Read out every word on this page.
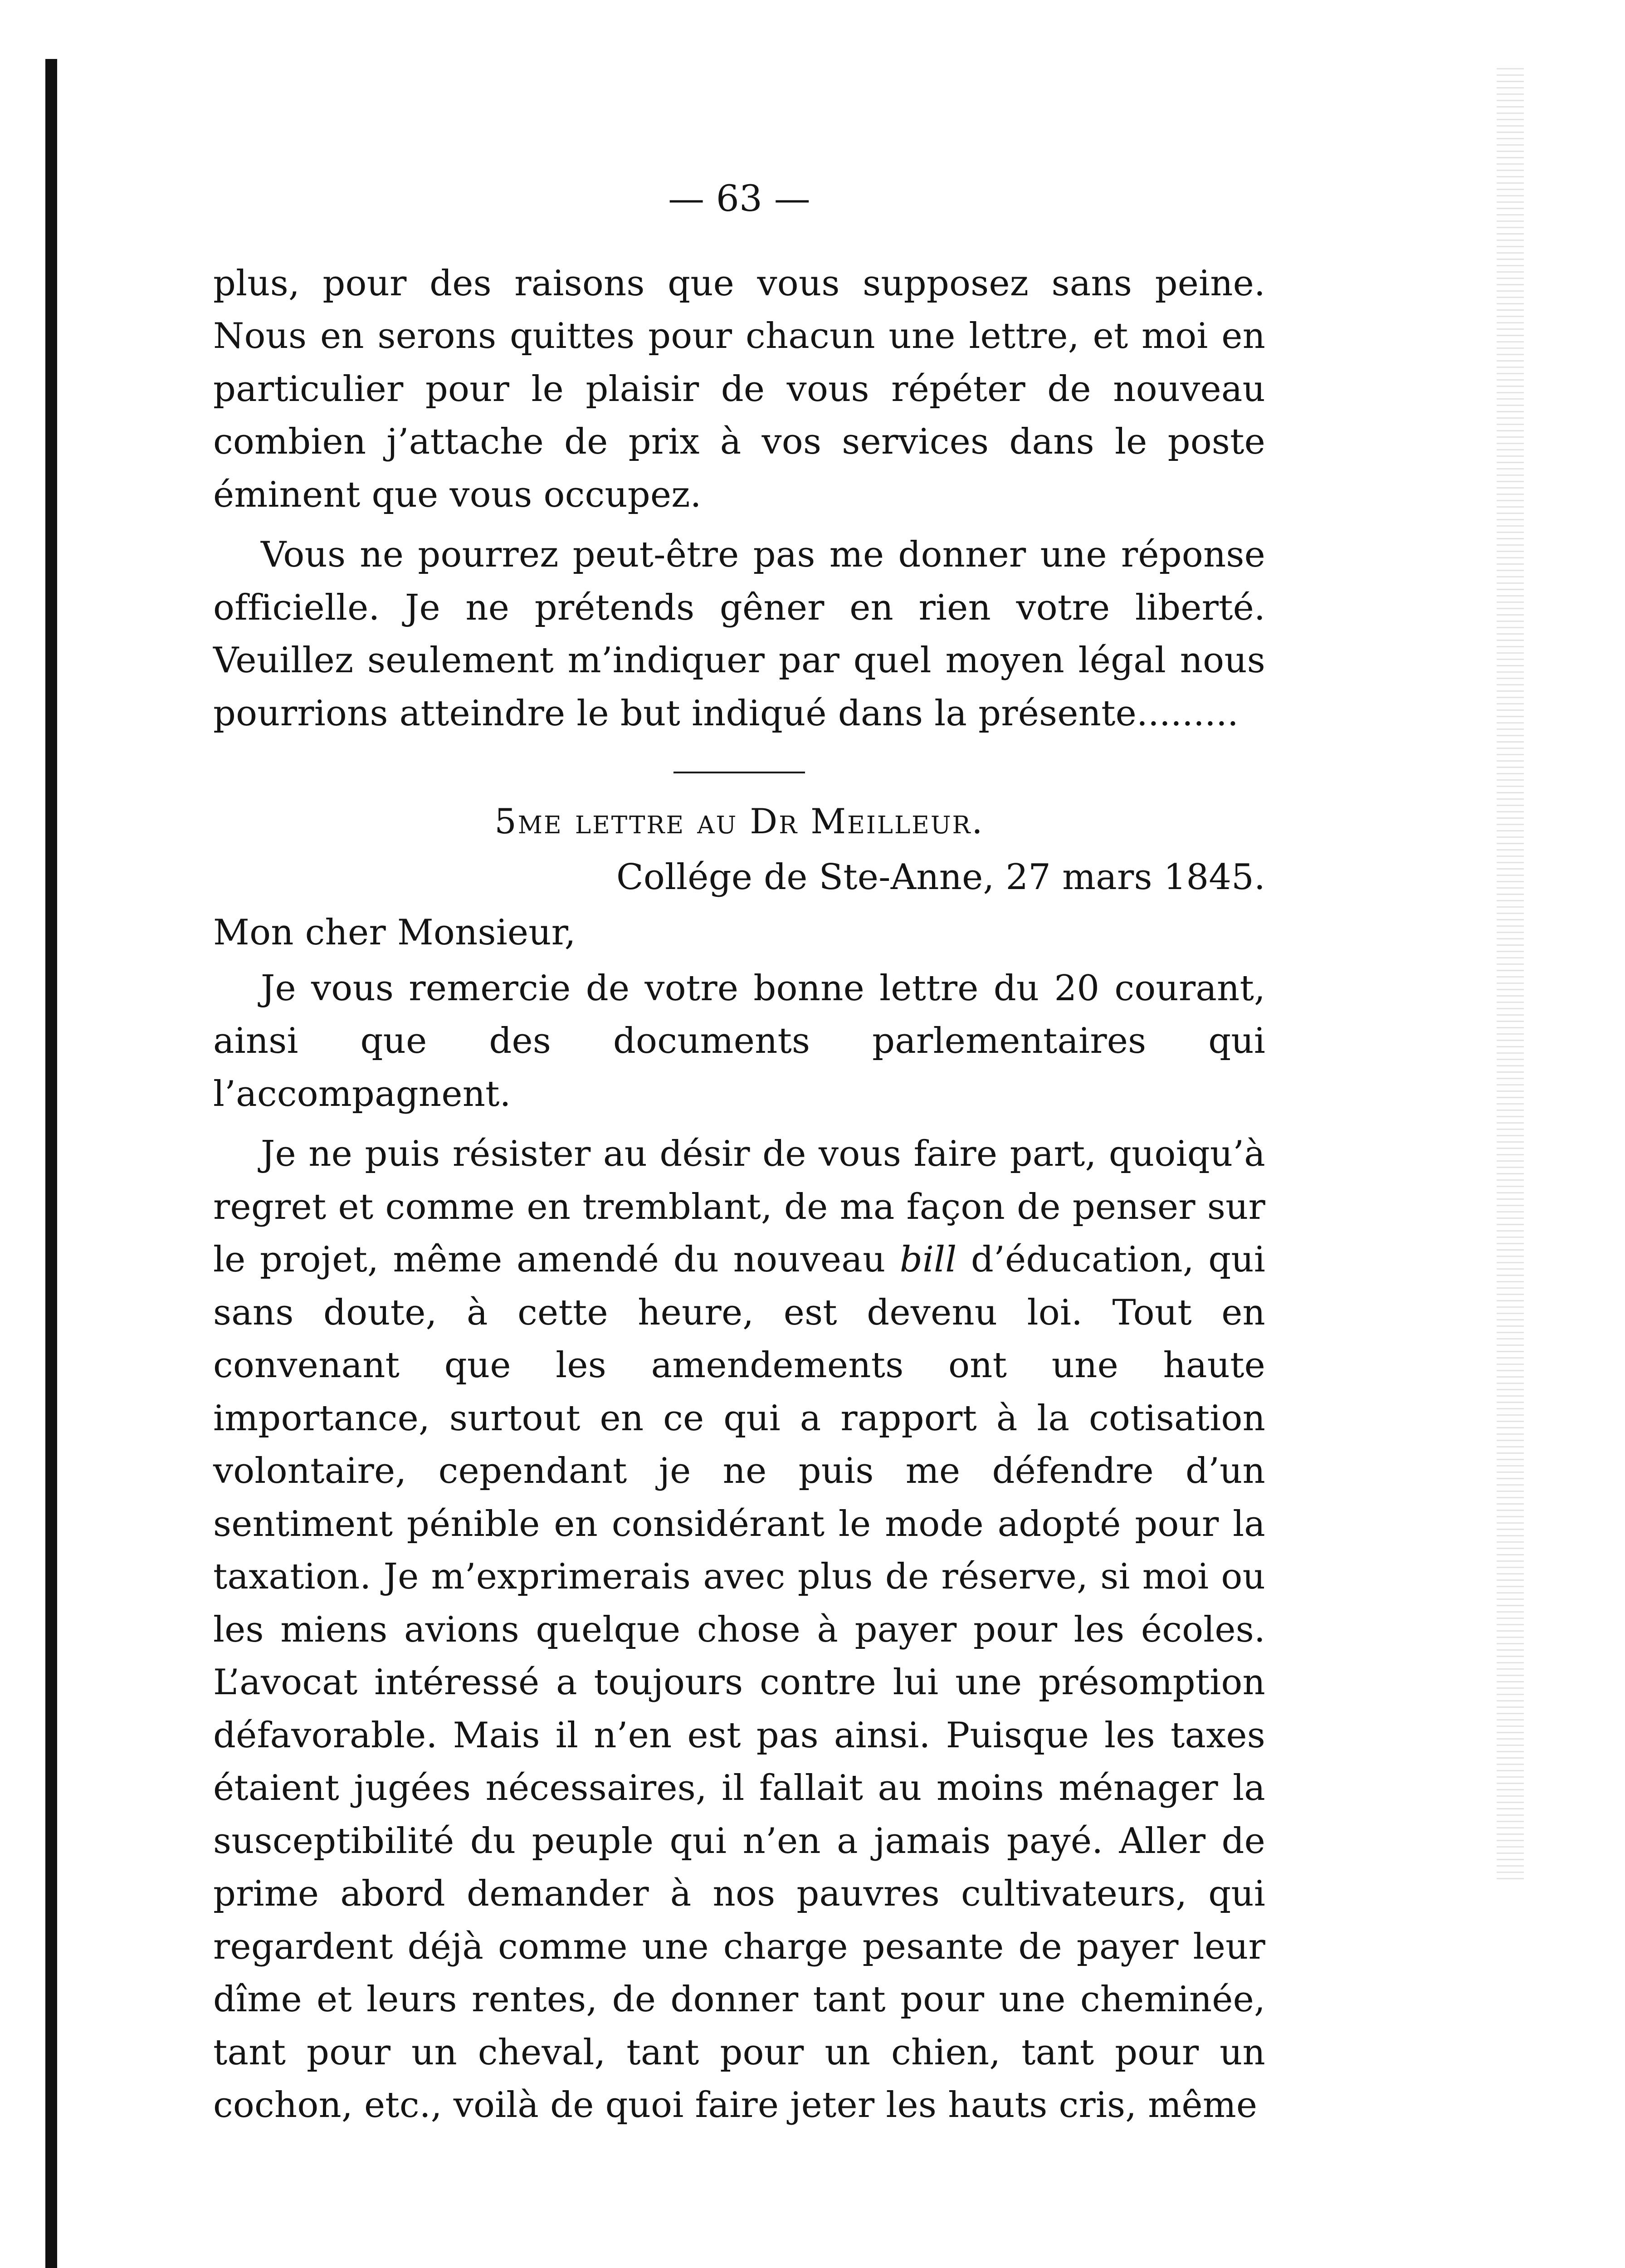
— 63 —

plus, pour des raisons que vous supposez sans peine. Nous en serons quittes pour chacun une lettre, et moi en particulier pour le plaisir de vous répéter de nouveau combien j’attache de prix à vos services dans le poste éminent que vous occupez.

Vous ne pourrez peut-être pas me donner une réponse officielle. Je ne prétends gêner en rien votre liberté. Veuillez seulement m’indiquer par quel moyen légal nous pourrions atteindre le but indiqué dans la présente.........

5me lettre au Dr Meilleur.
Collége de Ste-Anne, 27 mars 1845.
Mon cher Monsieur,

Je vous remercie de votre bonne lettre du 20 courant, ainsi que des documents parlementaires qui l’accompagnent.

Je ne puis résister au désir de vous faire part, quoiqu’à regret et comme en tremblant, de ma façon de penser sur le projet, même amendé du nouveau bill d’éducation, qui sans doute, à cette heure, est devenu loi. Tout en convenant que les amendements ont une haute importance, surtout en ce qui a rapport à la cotisation volontaire, cependant je ne puis me défendre d’un sentiment pénible en considérant le mode adopté pour la taxation. Je m’exprimerais avec plus de réserve, si moi ou les miens avions quelque chose à payer pour les écoles. L’avocat intéressé a toujours contre lui une présomption défavorable. Mais il n’en est pas ainsi. Puisque les taxes étaient jugées nécessaires, il fallait au moins ménager la susceptibilité du peuple qui n’en a jamais payé. Aller de prime abord demander à nos pauvres cultivateurs, qui regardent déjà comme une charge pesante de payer leur dîme et leurs rentes, de donner tant pour une cheminée, tant pour un cheval, tant pour un chien, tant pour un cochon, etc., voilà de quoi faire jeter les hauts cris, même
